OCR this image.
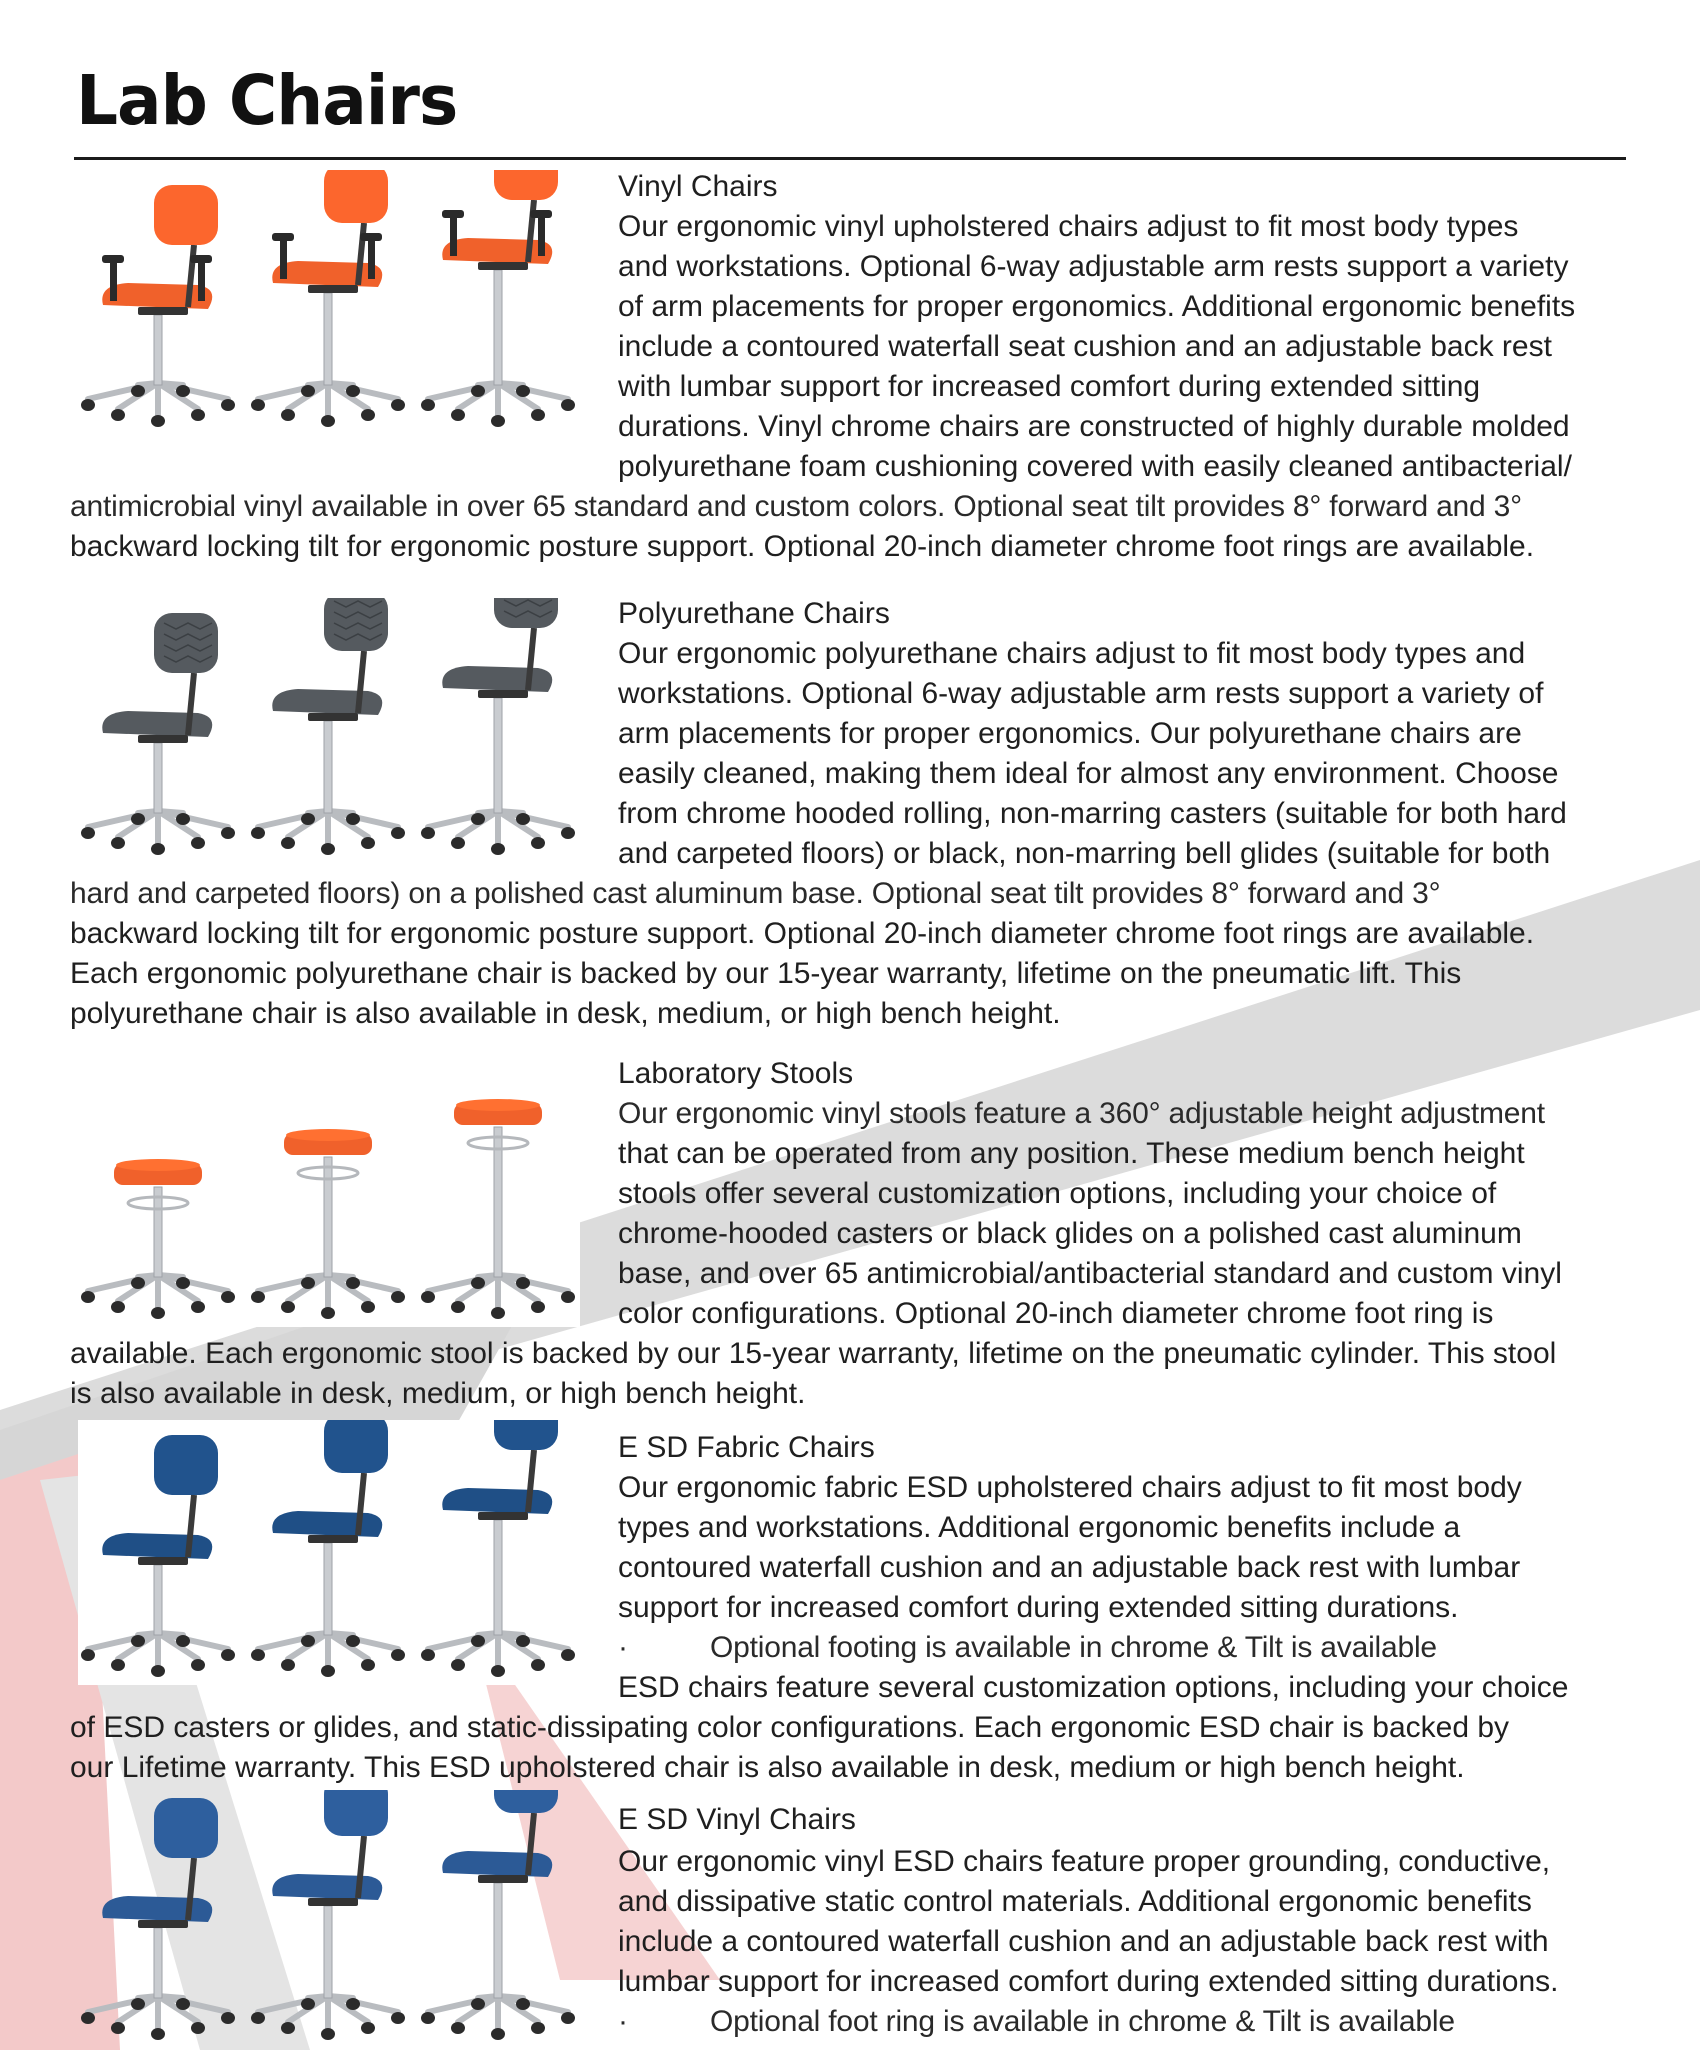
Lab Chairs
Vinyl Chairs
Our ergonomic vinyl upholstered chairs adjust to fit most body types
and workstations. Optional 6-way adjustable arm rests support a variety
of arm placements for proper ergonomics. Additional ergonomic benefits
include a contoured waterfall seat cushion and an adjustable back rest
with lumbar support for increased comfort during extended sitting
durations. Vinyl chrome chairs are constructed of highly durable molded
polyurethane foam cushioning covered with easily cleaned antibacterial/
antimicrobial vinyl available in over 65 standard and custom colors. Optional seat tilt provides 8° forward and 3°
backward locking tilt for ergonomic posture support. Optional 20-inch diameter chrome foot rings are available.
Polyurethane Chairs
Our ergonomic polyurethane chairs adjust to fit most body types and
workstations. Optional 6-way adjustable arm rests support a variety of
arm placements for proper ergonomics. Our polyurethane chairs are
easily cleaned, making them ideal for almost any environment. Choose
from chrome hooded rolling, non-marring casters (suitable for both hard
and carpeted floors) or black, non-marring bell glides (suitable for both
hard and carpeted floors) on a polished cast aluminum base. Optional seat tilt provides 8° forward and 3°
backward locking tilt for ergonomic posture support. Optional 20-inch diameter chrome foot rings are available.
Each ergonomic polyurethane chair is backed by our 15-year warranty, lifetime on the pneumatic lift. This
polyurethane chair is also available in desk, medium, or high bench height.
Laboratory Stools
Our ergonomic vinyl stools feature a 360° adjustable height adjustment
that can be operated from any position. These medium bench height
stools offer several customization options, including your choice of
chrome-hooded casters or black glides on a polished cast aluminum
base, and over 65 antimicrobial/antibacterial standard and custom vinyl
color configurations. Optional 20-inch diameter chrome foot ring is
available. Each ergonomic stool is backed by our 15-year warranty, lifetime on the pneumatic cylinder. This stool
is also available in desk, medium, or high bench height.
E SD Fabric Chairs
Our ergonomic fabric ESD upholstered chairs adjust to fit most body
types and workstations. Additional ergonomic benefits include a
contoured waterfall cushion and an adjustable back rest with lumbar
support for increased comfort during extended sitting durations.
·	Optional footing is available in chrome & Tilt is available
ESD chairs feature several customization options, including your choice
of ESD casters or glides, and static-dissipating color configurations. Each ergonomic ESD chair is backed by
our Lifetime warranty. This ESD upholstered chair is also available in desk, medium or high bench height.
E SD Vinyl Chairs
Our ergonomic vinyl ESD chairs feature proper grounding, conductive,
and dissipative static control materials. Additional ergonomic benefits
include a contoured waterfall cushion and an adjustable back rest with
lumbar support for increased comfort during extended sitting durations.
·	Optional foot ring is available in chrome & Tilt is available
